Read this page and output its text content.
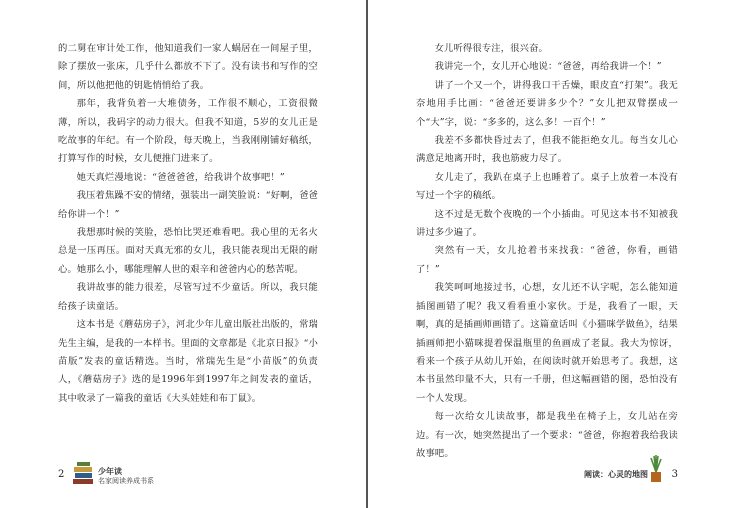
的二舅在审计处工作，他知道我们一家人蜗居在一间屋子里，除了摆放一张床，几乎什么都放不下了。没有读书和写作的空间，所以他把他的钥匙悄悄给了我。

那年，我背负着一大堆债务，工作很不顺心，工资很微薄，所以，我码字的动力很大。但我不知道，5岁的女儿正是吃故事的年纪。有一个阶段，每天晚上，当我刚刚铺好稿纸，打算写作的时候，女儿便推门进来了。

她天真烂漫地说：“爸爸爸爸，给我讲个故事吧！”

我压着焦躁不安的情绪，强装出一副笑脸说：“好啊，爸爸给你讲一个！”

我想那时候的笑脸，恐怕比哭还难看吧。我心里的无名火总是一压再压。面对天真无邪的女儿，我只能表现出无限的耐心。她那么小，哪能理解人世的艰辛和爸爸内心的愁苦呢。

我讲故事的能力很差，尽管写过不少童话。所以，我只能给孩子读童话。

这本书是《蘑菇房子》，河北少年儿童出版社出版的，常瑞先生主编，是我的一本样书。里面的文章都是《北京日报》“小苗版”发表的童话精选。当时，常瑞先生是“小苗版”的负责人，《蘑菇房子》选的是1996年到1997年之间发表的童话，其中收录了一篇我的童话《大头娃娃和布丁鼠》。

2	少年读
名家阅读养成书系

女儿听得很专注，很兴奋。

我讲完一个，女儿开心地说：“爸爸，再给我讲一个！”

讲了一个又一个，讲得我口干舌燥，眼皮直“打架”。我无奈地用手比画：“爸爸还要讲多少个？”女儿把双臂摆成一个“大”字，说：“多多的，这么多！一百个！”

我差不多都快昏过去了，但我不能拒绝女儿。每当女儿心满意足地离开时，我也筋疲力尽了。

女儿走了，我趴在桌子上也睡着了。桌子上放着一本没有写过一个字的稿纸。

这不过是无数个夜晚的一个小插曲。可见这本书不知被我讲过多少遍了。

突然有一天，女儿抢着书来找我：“爸爸，你看，画错了！”

我笑呵呵地接过书，心想，女儿还不认字呢，怎么能知道插图画错了呢？我又看看重小家伙。于是，我看了一眼，天啊，真的是插画师画错了。这篇童话叫《小猫咪学做鱼》，结果插画师把小猫咪提着保温瓶里的鱼画成了老鼠。我大为惊讶，看来一个孩子从幼儿开始，在阅读时就开始思考了。我想，这本书虽然印量不大，只有一千册，但这幅画错的图，恐怕没有一个人发现。

每一次给女儿读故事，都是我坐在椅子上，女儿站在旁边。有一次，她突然提出了一个要求：“爸爸，你抱着我给我读故事吧。

阐读：心灵的地图 3
